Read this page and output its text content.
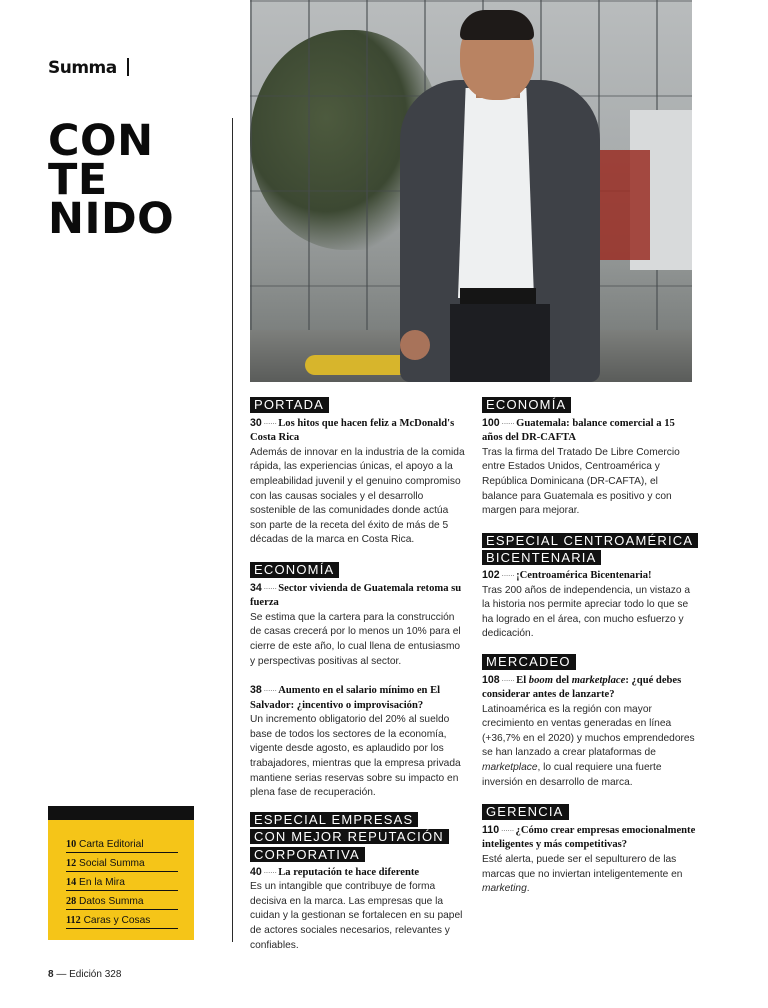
Summa
CON
TE
NIDO
PORTADA
30 ······ Los hitos que hacen feliz a McDonald's Costa Rica
Además de innovar en la industria de la comida rápida, las experiencias únicas, el apoyo a la empleabilidad juvenil y el genuino compromiso con las causas sociales y el desarrollo sostenible de las comunidades donde actúa son parte de la receta del éxito de más de 5 décadas de la marca en Costa Rica.
ECONOMÍA
34 ······ Sector vivienda de Guatemala retoma su fuerza
Se estima que la cartera para la construcción de casas crecerá por lo menos un 10% para el cierre de este año, lo cual llena de entusiasmo y perspectivas positivas al sector.
38 ······ Aumento en el salario mínimo en El Salvador: ¿incentivo o improvisación?
Un incremento obligatorio del 20% al sueldo base de todos los sectores de la economía, vigente desde agosto, es aplaudido por los trabajadores, mientras que la empresa privada mantiene serias reservas sobre su impacto en plena fase de recuperación.
ESPECIAL EMPRESAS
CON MEJOR REPUTACIÓN
CORPORATIVA
40 ······ La reputación te hace diferente
Es un intangible que contribuye de forma decisiva en la marca. Las empresas que la cuidan y la gestionan se fortalecen en su papel de actores sociales necesarios, relevantes y confiables.
ECONOMÍA
100 ······ Guatemala: balance comercial a 15 años del DR-CAFTA
Tras la firma del Tratado De Libre Comercio entre Estados Unidos, Centroamérica y República Dominicana (DR-CAFTA), el balance para Guatemala es positivo y con margen para mejorar.
ESPECIAL CENTROAMÉRICA
BICENTENARIA
102 ······ ¡Centroamérica Bicentenaria!
Tras 200 años de independencia, un vistazo a la historia nos permite apreciar todo lo que se ha logrado en el área, con mucho esfuerzo y dedicación.
MERCADEO
108 ······ El boom del marketplace: ¿qué debes considerar antes de lanzarte?
Latinoamérica es la región con mayor crecimiento en ventas generadas en línea (+36,7% en el 2020) y muchos emprendedores se han lanzado a crear plataformas de marketplace, lo cual requiere una fuerte inversión en desarrollo de marca.
GERENCIA
110 ······ ¿Cómo crear empresas emocionalmente inteligentes y más competitivas?
Esté alerta, puede ser el sepulturero de las marcas que no inviertan inteligentemente en marketing.
10 Carta Editorial
12 Social Summa
14 En la Mira
28 Datos Summa
112 Caras y Cosas
8 — Edición 328
